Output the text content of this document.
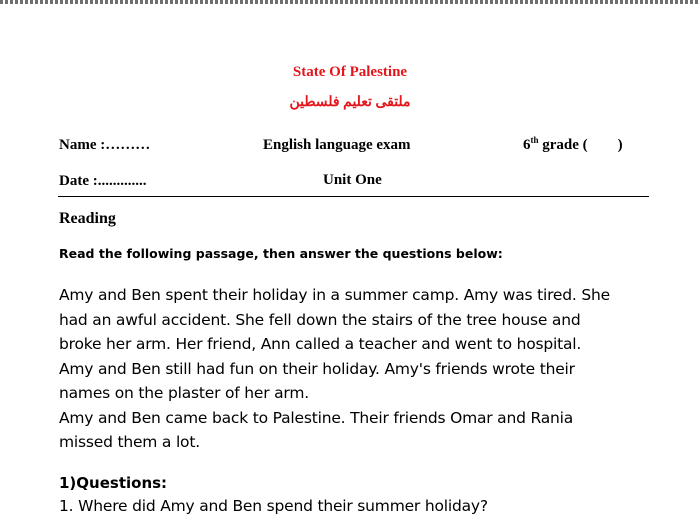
State Of Palestine
ملتقى تعليم فلسطين
Name :………	English language exam	6th grade (        )
Date :.............	Unit One
Reading
Read the following passage, then answer the questions below:
Amy and Ben spent their holiday in a summer camp. Amy was tired. She
had an awful accident. She fell down the stairs of the tree house and
broke her arm. Her friend, Ann called a teacher and went to hospital.
Amy and Ben still had fun on their holiday. Amy's friends wrote their
names on the plaster of her arm.
Amy and Ben came back to Palestine. Their friends Omar and Rania
missed them a lot.
1)Questions:
1. Where did Amy and Ben spend their summer holiday?
